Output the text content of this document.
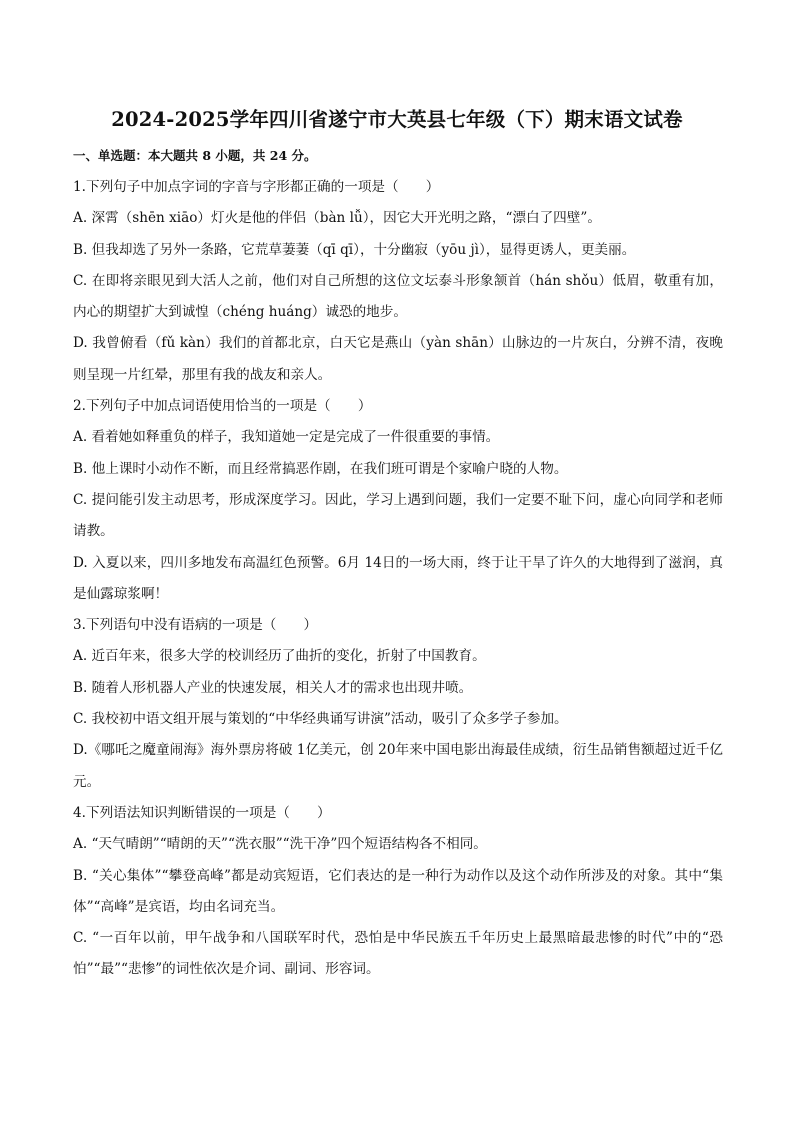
2024-2025学年四川省遂宁市大英县七年级（下）期末语文试卷
一、单选题：本大题共 8 小题，共 24 分。

1.下列句子中加点字词的字音与字形都正确的一项是（　　）

A. 深霄（shēn xiāo）灯火是他的伴侣（bàn lǚ），因它大开光明之路，“漂白了四壁”。

B. 但我却选了另外一条路，它荒草萋萋（qī qī），十分幽寂（yōu jì），显得更诱人，更美丽。

C. 在即将亲眼见到大活人之前，他们对自己所想的这位文坛泰斗形象颔首（hán shǒu）低眉，敬重有加，内心的期望扩大到诚惶（chéng huáng）诚恐的地步。

D. 我曾俯看（fǔ kàn）我们的首都北京，白天它是燕山（yàn shān）山脉边的一片灰白，分辨不清，夜晚则呈现一片红晕，那里有我的战友和亲人。

2.下列句子中加点词语使用恰当的一项是（　　）

A. 看着她如释重负的样子，我知道她一定是完成了一件很重要的事情。

B. 他上课时小动作不断，而且经常搞恶作剧，在我们班可谓是个家喻户晓的人物。

C. 提问能引发主动思考，形成深度学习。因此，学习上遇到问题，我们一定要不耻下问，虚心向同学和老师请教。

D. 入夏以来，四川多地发布高温红色预警。6月 14日的一场大雨，终于让干旱了许久的大地得到了滋润，真是仙露琼浆啊！

3.下列语句中没有语病的一项是（　　）

A. 近百年来，很多大学的校训经历了曲折的变化，折射了中国教育。

B. 随着人形机器人产业的快速发展，相关人才的需求也出现井喷。

C. 我校初中语文组开展与策划的“中华经典诵写讲演”活动，吸引了众多学子参加。

D.《哪吒之魔童闹海》海外票房将破 1亿美元，创 20年来中国电影出海最佳成绩，衍生品销售额超过近千亿元。

4.下列语法知识判断错误的一项是（　　）

A. “天气晴朗”“晴朗的天”“洗衣服”“洗干净”四个短语结构各不相同。

B. “关心集体”“攀登高峰”都是动宾短语，它们表达的是一种行为动作以及这个动作所涉及的对象。其中“集体”“高峰”是宾语，均由名词充当。

C. “一百年以前，甲午战争和八国联军时代，恐怕是中华民族五千年历史上最黑暗最悲惨的时代”中的“恐怕”“最”“悲惨”的词性依次是介词、副词、形容词。
